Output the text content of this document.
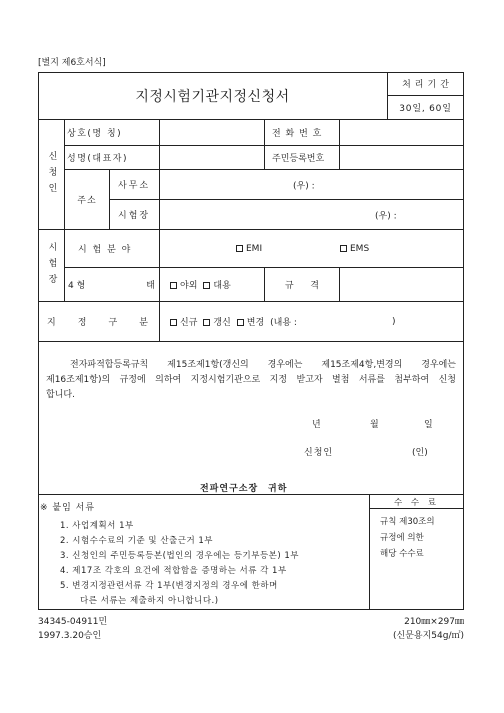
[별지 제6호서식]
지정시험기관지정신청서
처리기간
30일, 60일
신청인
상호(명 칭)	전 화 번 호
성명(대표자)	주민등록번호
주소
사무소	(우) :
시험장	(우) :
시험장 시 험 분 야	EMI	EMS
4 형	태	야외	대용	규 격
지 정 구 분	신규	갱신	변경 (내용 :	)
전자파적합등록규칙 제15조제1항(갱신의 경우에는 제15조제4항,변경의 경우에는
제16조제1항)의 규정에 의하여 지정시험기관으로 지정 받고자 별첨 서류를 첨부하여 신청
합니다.
년	월	일
신청인	(인)
전파연구소장 귀하
※ 붙임 서류
1. 사업계획서 1부
2. 시험수수료의 기준 및 산출근거 1부
3. 신청인의 주민등록등본(법인의 경우에는 등기부등본) 1부
4. 제17조 각호의 요건에 적합함을 증명하는 서류 각 1부
5. 변경지정관련서류 각 1부(변경지정의 경우에 한하며
다른 서류는 제출하지 아니합니다.)
수 수 료
규칙 제30조의
규정에 의한
해당 수수료
34345-04911민	210㎜×297㎜
1997.3.20승인	(신문용지54g/㎡)
